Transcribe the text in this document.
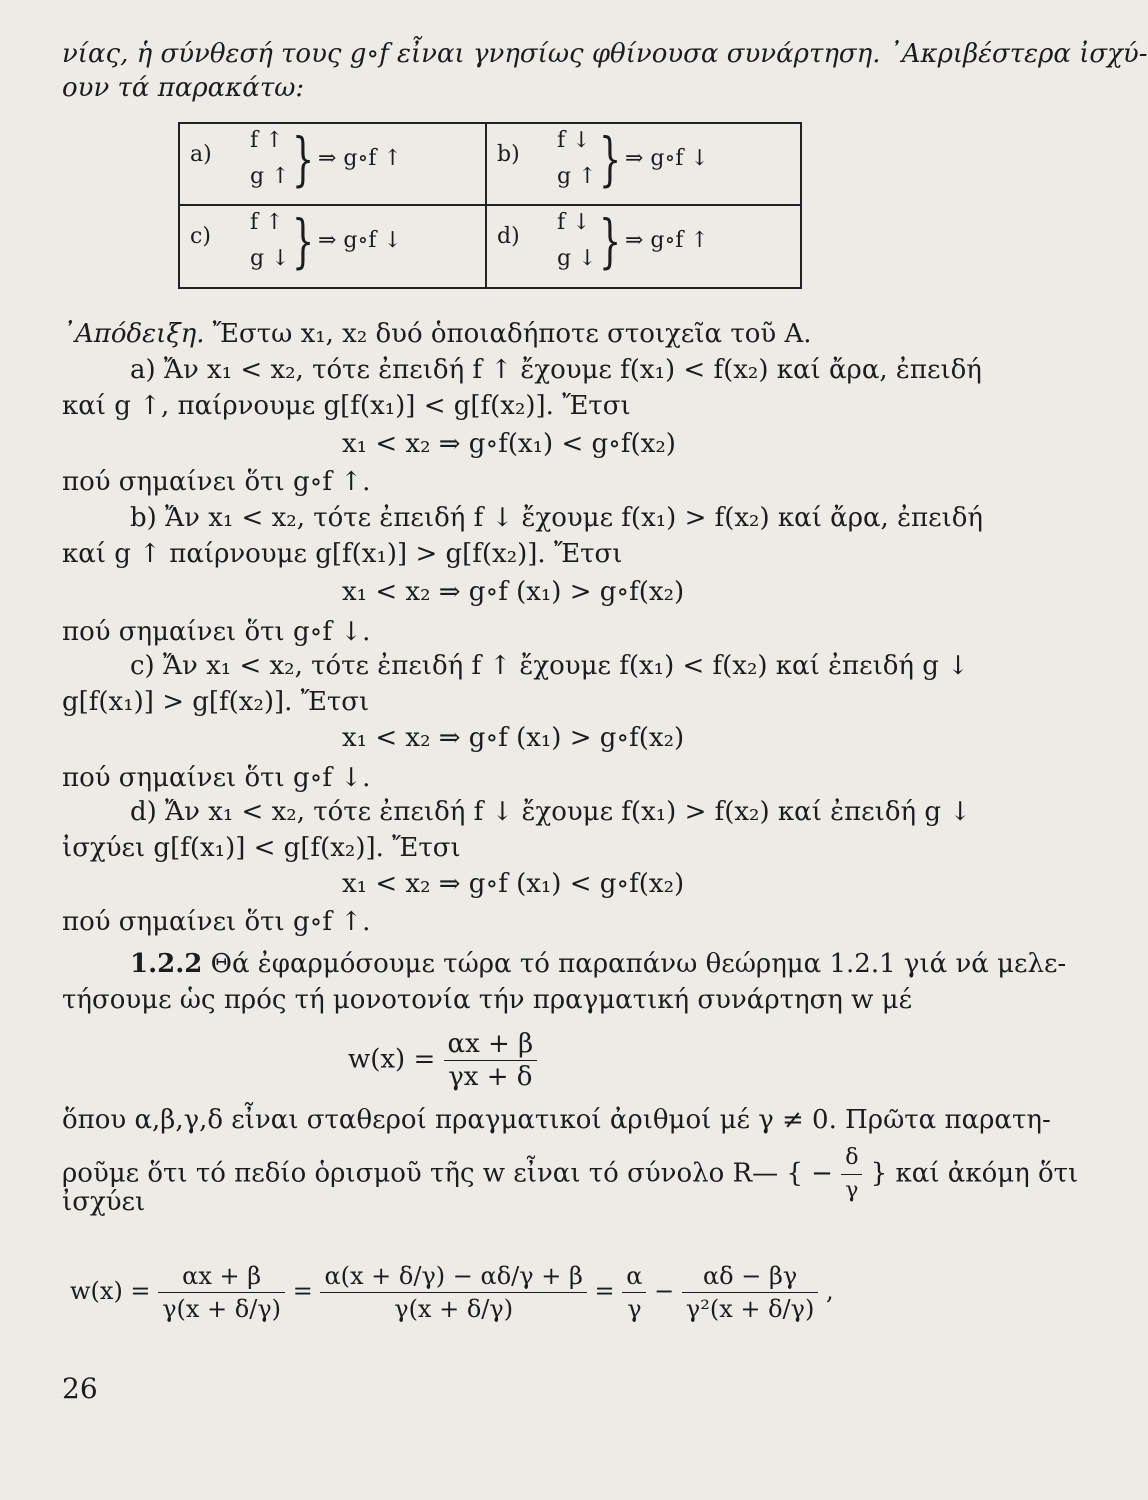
νίας, ἡ σύνθεσή τους g∘f εἶναι γνησίως φθίνουσα συνάρτηση. ᾽Ακριβέστερα ἰσχύ-
ουν τά παρακάτω:
a)
f ↑
g ↑ } ⇒ g∘f ↑	b)
f ↓
g ↑ } ⇒ g∘f ↓
c)
f ↑
g ↓ } ⇒ g∘f ↓	d)
f ↓
g ↓ } ⇒ g∘f ↑
᾽Απόδειξη. Ἔστω x₁, x₂ δυό ὁποιαδήποτε στοιχεῖα τοῦ A.
a) Ἄν x₁ < x₂, τότε ἐπειδή f ↑ ἔχουμε f(x₁) < f(x₂) καί ἄρα, ἐπειδή
καί g ↑, παίρνουμε g[f(x₁)] < g[f(x₂)]. Ἔτσι
x₁ < x₂ ⇒ g∘f(x₁) < g∘f(x₂)
πού σημαίνει ὅτι g∘f ↑.
b) Ἄν x₁ < x₂, τότε ἐπειδή f ↓ ἔχουμε f(x₁) > f(x₂) καί ἄρα, ἐπειδή
καί g ↑ παίρνουμε g[f(x₁)] > g[f(x₂)]. Ἔτσι
x₁ < x₂ ⇒ g∘f (x₁) > g∘f(x₂)
πού σημαίνει ὅτι g∘f ↓.
c) Ἄν x₁ < x₂, τότε ἐπειδή f ↑ ἔχουμε f(x₁) < f(x₂) καί ἐπειδή g ↓
g[f(x₁)] > g[f(x₂)]. Ἔτσι
x₁ < x₂ ⇒ g∘f (x₁) > g∘f(x₂)
πού σημαίνει ὅτι g∘f ↓.
d) Ἄν x₁ < x₂, τότε ἐπειδή f ↓ ἔχουμε f(x₁) > f(x₂) καί ἐπειδή g ↓
ἰσχύει g[f(x₁)] < g[f(x₂)]. Ἔτσι
x₁ < x₂ ⇒ g∘f (x₁) < g∘f(x₂)
πού σημαίνει ὅτι g∘f ↑.
1.2.2 Θά ἐφαρμόσουμε τώρα τό παραπάνω θεώρημα 1.2.1 γιά νά μελε-
τήσουμε ὡς πρός τή μονοτονία τήν πραγματική συνάρτηση w μέ
$w(x) = \frac{\alpha x + \beta}{\gamma x + \delta}$
ὅπου α,β,γ,δ εἶναι σταθεροί πραγματικοί ἀριθμοί μέ γ ≠ 0. Πρῶτα παρατη-
ροῦμε ὅτι τό πεδίο ὁρισμοῦ τῆς w εἶναι τό σύνολο R— { − $\frac{\delta}{\gamma}$ } καί ἀκόμη ὅτι
ἰσχύει
$w(x) = \frac{\alpha x + \beta}{\gamma(x + \delta/\gamma)} = \frac{\alpha(x + \delta/\gamma) - \alpha\delta/\gamma + \beta}{\gamma(x + \delta/\gamma)} = \frac{\alpha}{\gamma} - \frac{\alpha\delta - \beta\gamma}{\text{γ²(x + δ/γ)}}$ ,
26
